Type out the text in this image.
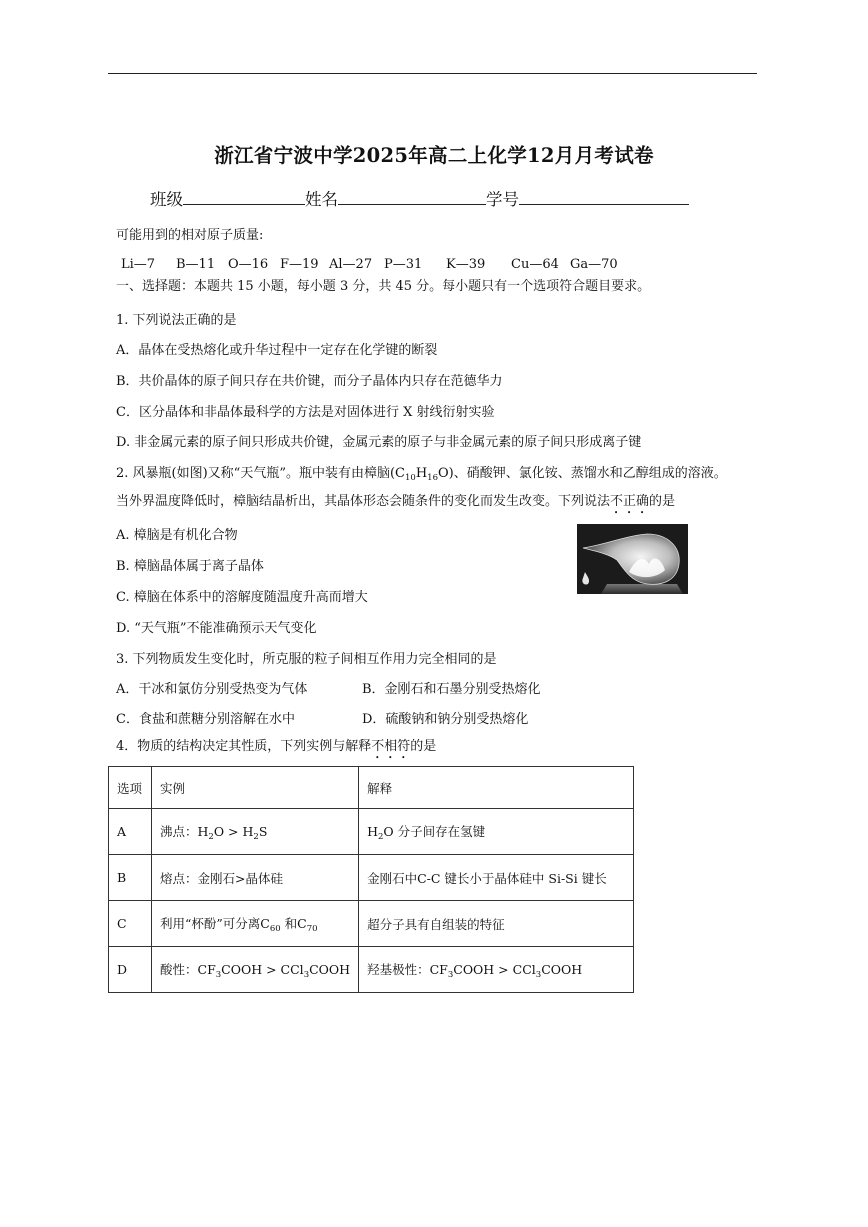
浙江省宁波中学2025年高二上化学12月月考试卷
班级	姓名	学号
可能用到的相对原子质量:
Li—7 B—11 O—16 F—19 Al—27 P—31 K—39 Cu—64 Ga—70
一、选择题：本题共 15 小题，每小题 3 分，共 45 分。每小题只有一个选项符合题目要求。
1. 下列说法正确的是
A．晶体在受热熔化或升华过程中一定存在化学键的断裂
B．共价晶体的原子间只存在共价键，而分子晶体内只存在范德华力
C．区分晶体和非晶体最科学的方法是对固体进行 X 射线衍射实验
D. 非金属元素的原子间只形成共价键，金属元素的原子与非金属元素的原子间只形成离子键
2. 风暴瓶(如图)又称“天气瓶”。瓶中装有由樟脑$(C_{10}H_{16}O)$、硝酸钾、氯化铵、蒸馏水和乙醇组成的溶液。
当外界温度降低时，樟脑结晶析出，其晶体形态会随条件的变化而发生改变。下列说法不正确的是
A. 樟脑是有机化合物
B. 樟脑晶体属于离子晶体
C. 樟脑在体系中的溶解度随温度升高而增大
D. “天气瓶”不能准确预示天气变化
3. 下列物质发生变化时，所克服的粒子间相互作用力完全相同的是
A．干冰和氯仿分别受热变为气体	B．金刚石和石墨分别受热熔化
C．食盐和蔗糖分别溶解在水中	D．硫酸钠和钠分别受热熔化
4．物质的结构决定其性质，下列实例与解释不相符的是
选项	实例	解释
A	沸点：$H_2O > H_2S$	$H_2O$ 分子间存在氢键
B	熔点：金刚石>晶体硅	金刚石中C-C 键长小于晶体硅中 Si-Si 键长
C	利用“杯酚”可分离$C_{60}$ 和$C_{70}$	超分子具有自组装的特征
D	酸性：$CF_3COOH$ > CCl$_3$COOH	羟基极性：$CF_3COOH$ > CCl$_3$COOH
